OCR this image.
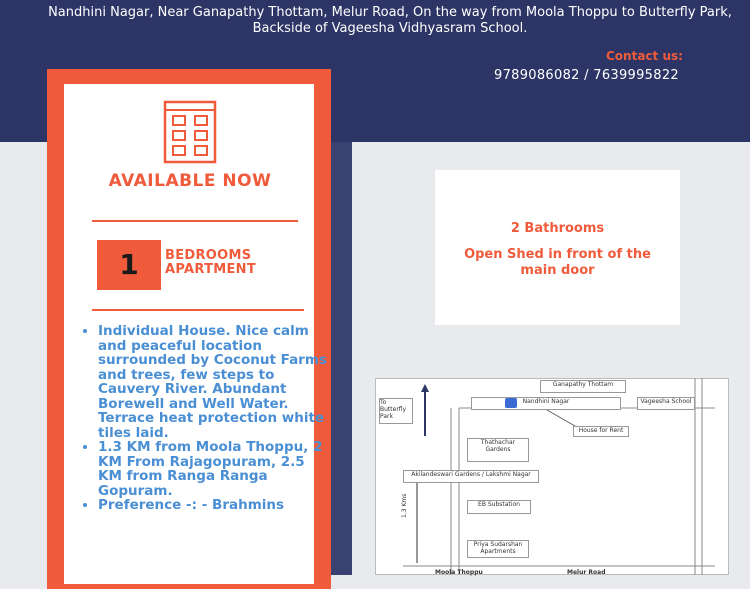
Nandhini Nagar, Near Ganapathy Thottam, Melur Road, On the way from Moola Thoppu to Butterfly Park, Backside of Vageesha Vidhyasram School.
Contact us:
9789086082 / 7639995822
AVAILABLE NOW
1	BEDROOMS APARTMENT
• Individual House. Nice calm and peaceful location surrounded by Coconut Farms and trees, few steps to Cauvery River. Abundant Borewell and Well Water. Terrace heat protection white tiles laid.
• 1.3 KM from Moola Thoppu, 2 KM From Rajagopuram, 2.5 KM from Ranga Ranga Gopuram.
• Preference -: - Brahmins
2 Bathrooms
Open Shed in front of the main door
Ganapathy Thottam
To Butterfly Park
Nandhini Nagar	Vageesha School
House for Rent
Thathachar Gardens
Akilandeswari Gardens / Lakshmi Nagar
EB Substation
Priya Sudarshan Apartments
1.3 Kms
Moola Thoppu	Melur Road
